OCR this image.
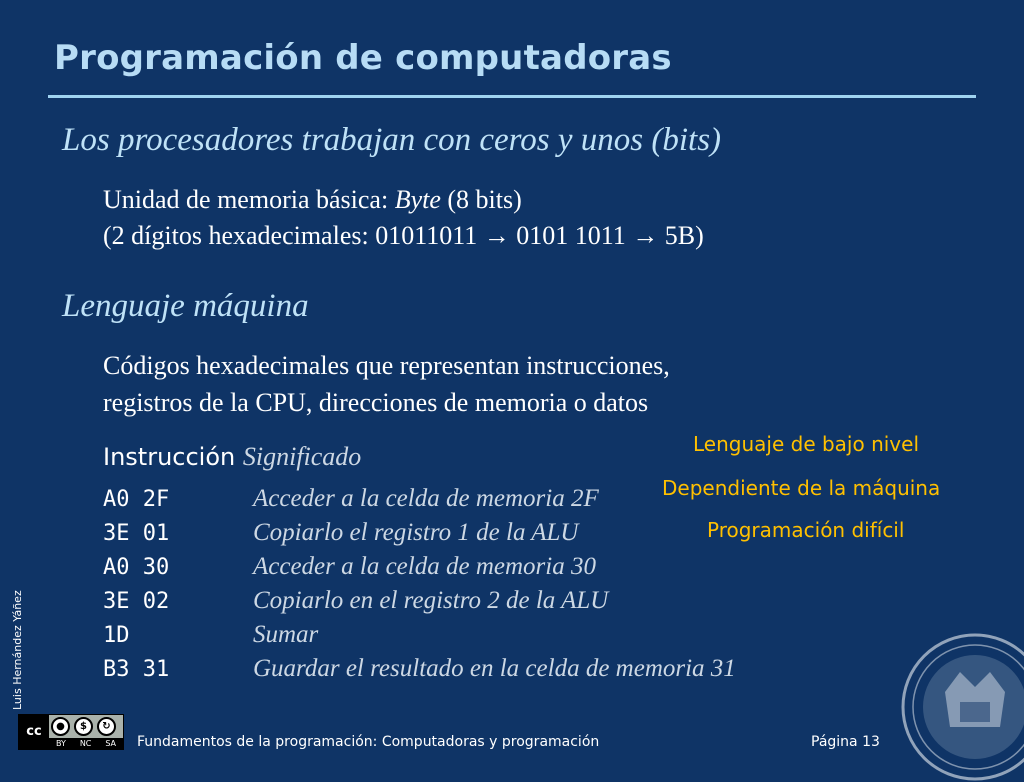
Programación de computadoras
Los procesadores trabajan con ceros y unos (bits)
Unidad de memoria básica: Byte (8 bits)
(2 dígitos hexadecimales: 01011011 → 0101 1011 → 5B)
Lenguaje máquina
Códigos hexadecimales que representan instrucciones,
registros de la CPU, direcciones de memoria o datos
Instrucción Significado
A0 2F	Acceder a la celda de memoria 2F
3E 01	Copiarlo el registro 1 de la ALU
A0 30	Acceder a la celda de memoria 30
3E 02	Copiarlo en el registro 2 de la ALU
1D	Sumar
B3 31	Guardar el resultado en la celda de memoria 31
Lenguaje de bajo nivel
Dependiente de la máquina
Programación difícil
Luis Hernández Yáñez
cc	●	$	↻
BY NC SA Fundamentos de la programación: Computadoras y programación	Página 13
